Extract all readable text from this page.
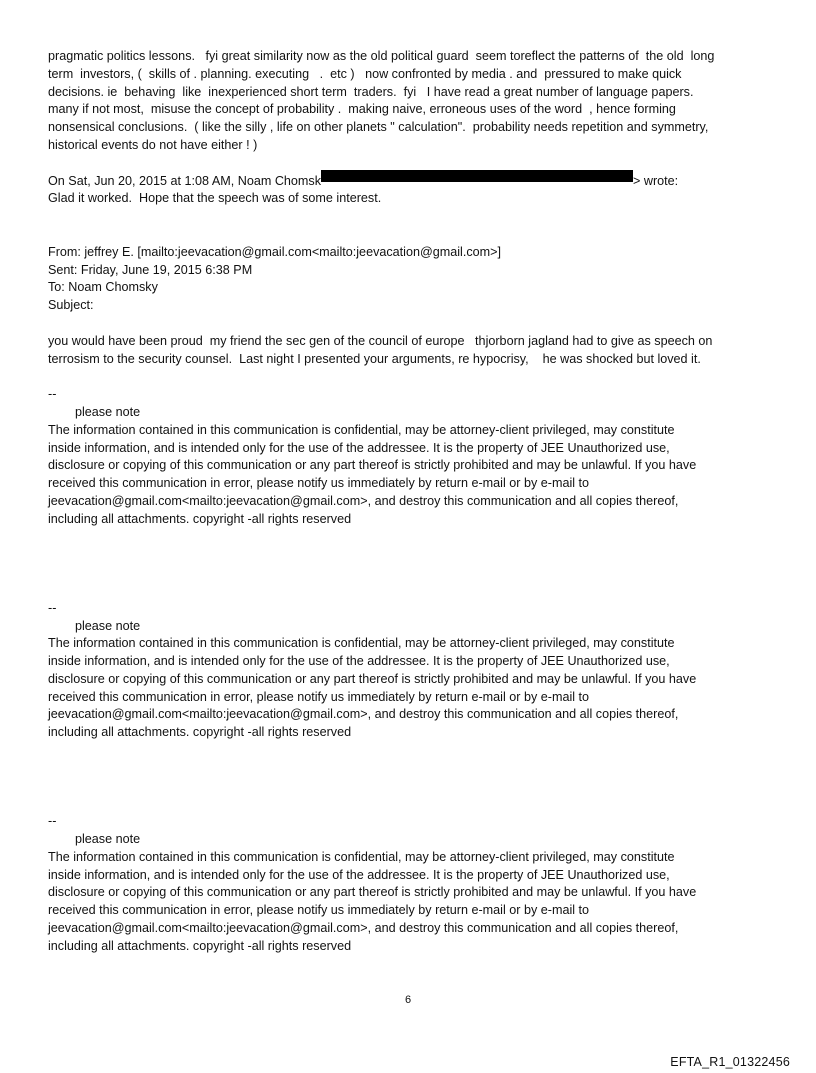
pragmatic politics lessons.   fyi great similarity now as the old political guard  seem toreflect the patterns of  the old  long
term  investors, (  skills of . planning. executing   .  etc )   now confronted by media . and  pressured to make quick
decisions. ie  behaving  like  inexperienced short term  traders.  fyi   I have read a great number of language papers.
many if not most,  misuse the concept of probability .  making naive, erroneous uses of the word  , hence forming
nonsensical conclusions.  ( like the silly , life on other planets " calculation".  probability needs repetition and symmetry,
historical events do not have either ! )
On Sat, Jun 20, 2015 at 1:08 AM, Noam Chomsk	> wrote:
Glad it worked.  Hope that the speech was of some interest.
From: jeffrey E. [mailto:jeevacation@gmail.com<mailto:jeevacation@gmail.com>]
Sent: Friday, June 19, 2015 6:38 PM
To: Noam Chomsky
Subject:
you would have been proud  my friend the sec gen of the council of europe   thjorborn jagland had to give as speech on
terrosism to the security counsel.  Last night I presented your arguments, re hypocrisy,    he was shocked but loved it.
--
please note
The information contained in this communication is confidential, may be attorney-client privileged, may constitute
inside information, and is intended only for the use of the addressee. It is the property of JEE Unauthorized use,
disclosure or copying of this communication or any part thereof is strictly prohibited and may be unlawful. If you have
received this communication in error, please notify us immediately by return e-mail or by e-mail to
jeevacation@gmail.com<mailto:jeevacation@gmail.com>, and destroy this communication and all copies thereof,
including all attachments. copyright -all rights reserved
--
please note
The information contained in this communication is confidential, may be attorney-client privileged, may constitute
inside information, and is intended only for the use of the addressee. It is the property of JEE Unauthorized use,
disclosure or copying of this communication or any part thereof is strictly prohibited and may be unlawful. If you have
received this communication in error, please notify us immediately by return e-mail or by e-mail to
jeevacation@gmail.com<mailto:jeevacation@gmail.com>, and destroy this communication and all copies thereof,
including all attachments. copyright -all rights reserved
--
please note
The information contained in this communication is confidential, may be attorney-client privileged, may constitute
inside information, and is intended only for the use of the addressee. It is the property of JEE Unauthorized use,
disclosure or copying of this communication or any part thereof is strictly prohibited and may be unlawful. If you have
received this communication in error, please notify us immediately by return e-mail or by e-mail to
jeevacation@gmail.com<mailto:jeevacation@gmail.com>, and destroy this communication and all copies thereof,
including all attachments. copyright -all rights reserved
6
EFTA_R1_01322456
